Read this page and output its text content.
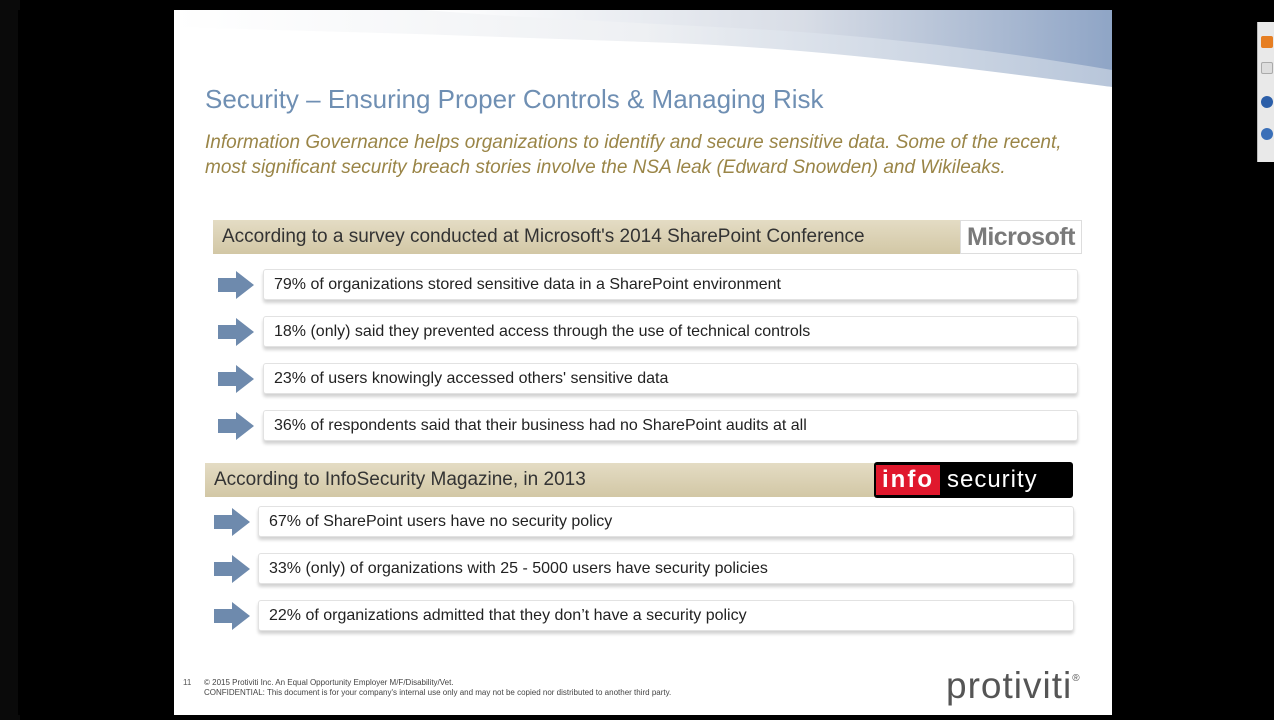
Security – Ensuring Proper Controls & Managing Risk
Information Governance helps organizations to identify and secure sensitive data. Some of the recent, most significant security breach stories involve the NSA leak (Edward Snowden) and Wikileaks.
According to a survey conducted at Microsoft's 2014 SharePoint Conference	Microsoft
79% of organizations stored sensitive data in a SharePoint environment
18% (only) said they prevented access through the use of technical controls
23% of users knowingly accessed others' sensitive data
36% of respondents said that their business had no SharePoint audits at all
According to InfoSecurity Magazine, in 2013	info security
67% of SharePoint users have no security policy
33% (only) of organizations with 25 - 5000 users have security policies
22% of organizations admitted that they don’t have a security policy
11 © 2015 Protiviti Inc. An Equal Opportunity Employer M/F/Disability/Vet.
CONFIDENTIAL: This document is for your company's internal use only and may not be copied nor distributed to another third party.	protiviti®
